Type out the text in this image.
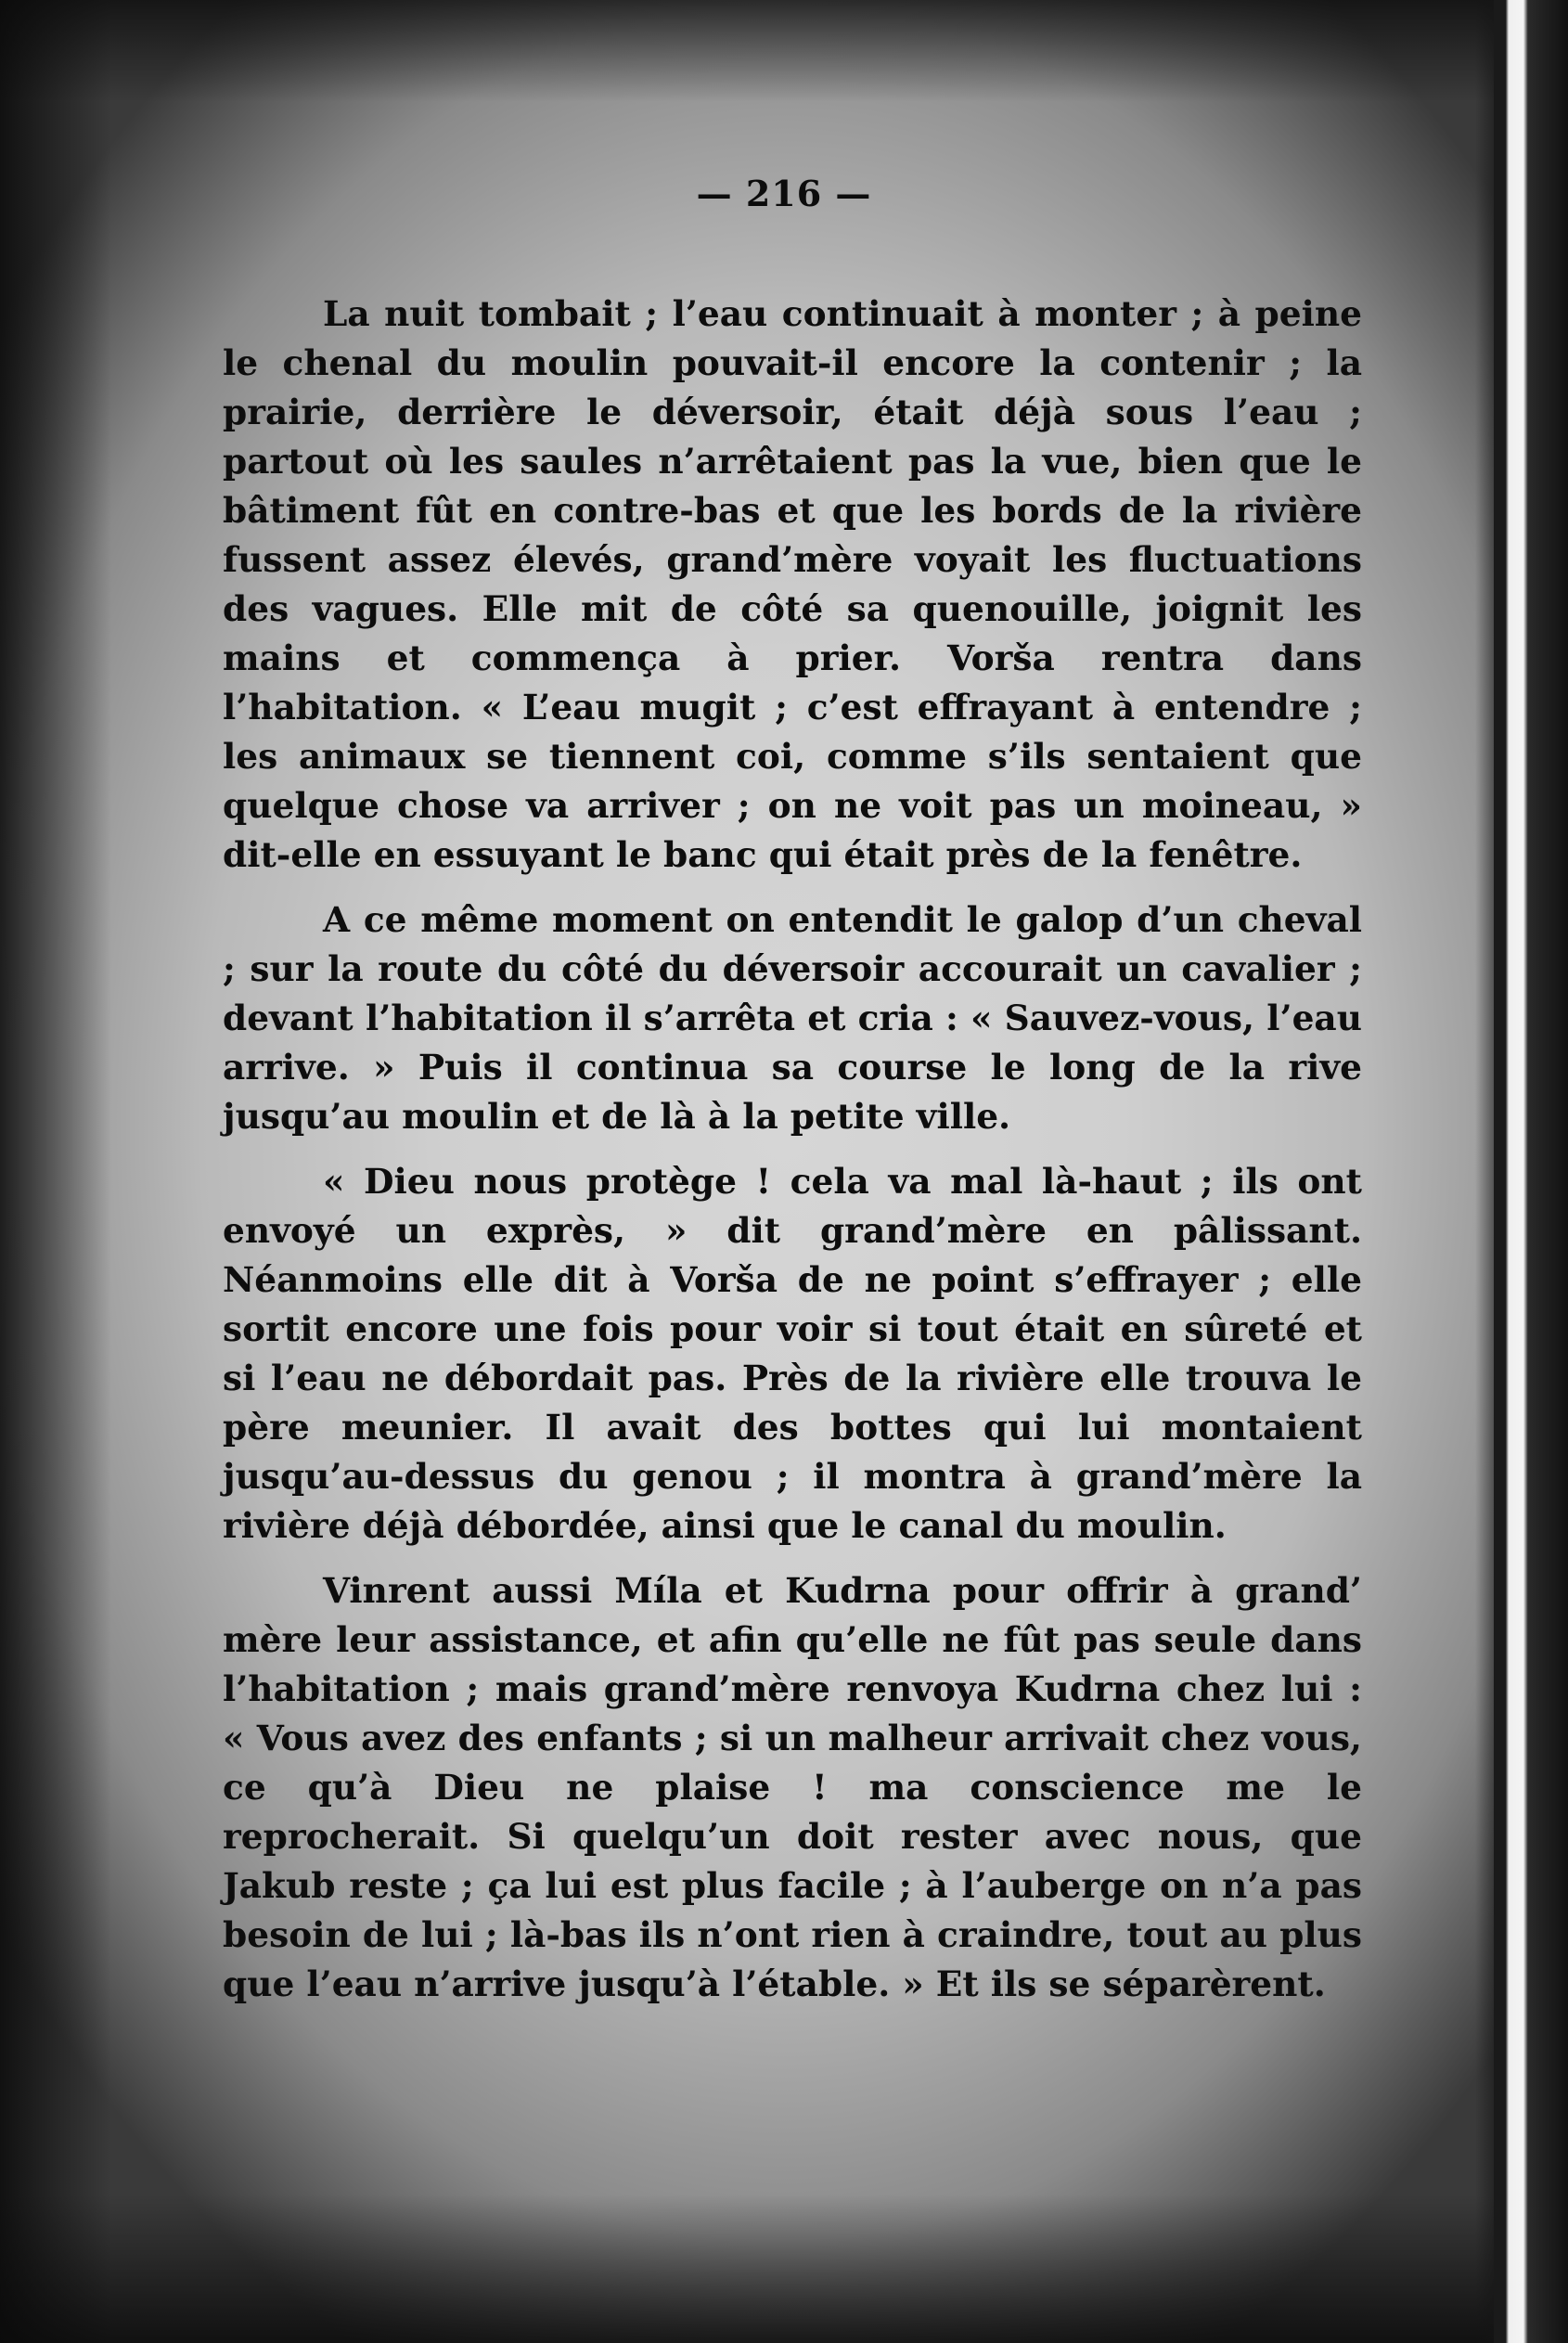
— 216 —

La nuit tombait ; l’eau continuait à monter ; à peine le chenal du moulin pouvait-il encore la contenir ; la prairie, derrière le déversoir, était déjà sous l’eau ; partout où les saules n’arrêtaient pas la vue, bien que le bâtiment fût en contre-bas et que les bords de la rivière fussent assez élevés, grand’mère voyait les fluctuations des vagues. Elle mit de côté sa quenouille, joignit les mains et commença à prier. Vorša rentra dans l’habitation. « L’eau mugit ; c’est effrayant à entendre ; les animaux se tiennent coi, comme s’ils sentaient que quelque chose va arriver ; on ne voit pas un moineau, » dit-elle en essuyant le banc qui était près de la fenêtre.

A ce même moment on entendit le galop d’un cheval ; sur la route du côté du déversoir accourait un cavalier ; devant l’habitation il s’arrêta et cria : « Sauvez-vous, l’eau arrive. » Puis il continua sa course le long de la rive jusqu’au moulin et de là à la petite ville.

« Dieu nous protège ! cela va mal là-haut ; ils ont envoyé un exprès, » dit grand’mère en pâlissant. Néanmoins elle dit à Vorša de ne point s’effrayer ; elle sortit encore une fois pour voir si tout était en sûreté et si l’eau ne débordait pas. Près de la rivière elle trouva le père meunier. Il avait des bottes qui lui montaient jusqu’au-dessus du genou ; il montra à grand’mère la rivière déjà débordée, ainsi que le canal du moulin.

Vinrent aussi Míla et Kudrna pour offrir à grand’ mère leur assistance, et afin qu’elle ne fût pas seule dans l’habitation ; mais grand’mère renvoya Kudrna chez lui : « Vous avez des enfants ; si un malheur arrivait chez vous, ce qu’à Dieu ne plaise ! ma conscience me le reprocherait. Si quelqu’un doit rester avec nous, que Jakub reste ; ça lui est plus facile ; à l’auberge on n’a pas besoin de lui ; là-bas ils n’ont rien à craindre, tout au plus que l’eau n’arrive jusqu’à l’étable. » Et ils se séparèrent.
